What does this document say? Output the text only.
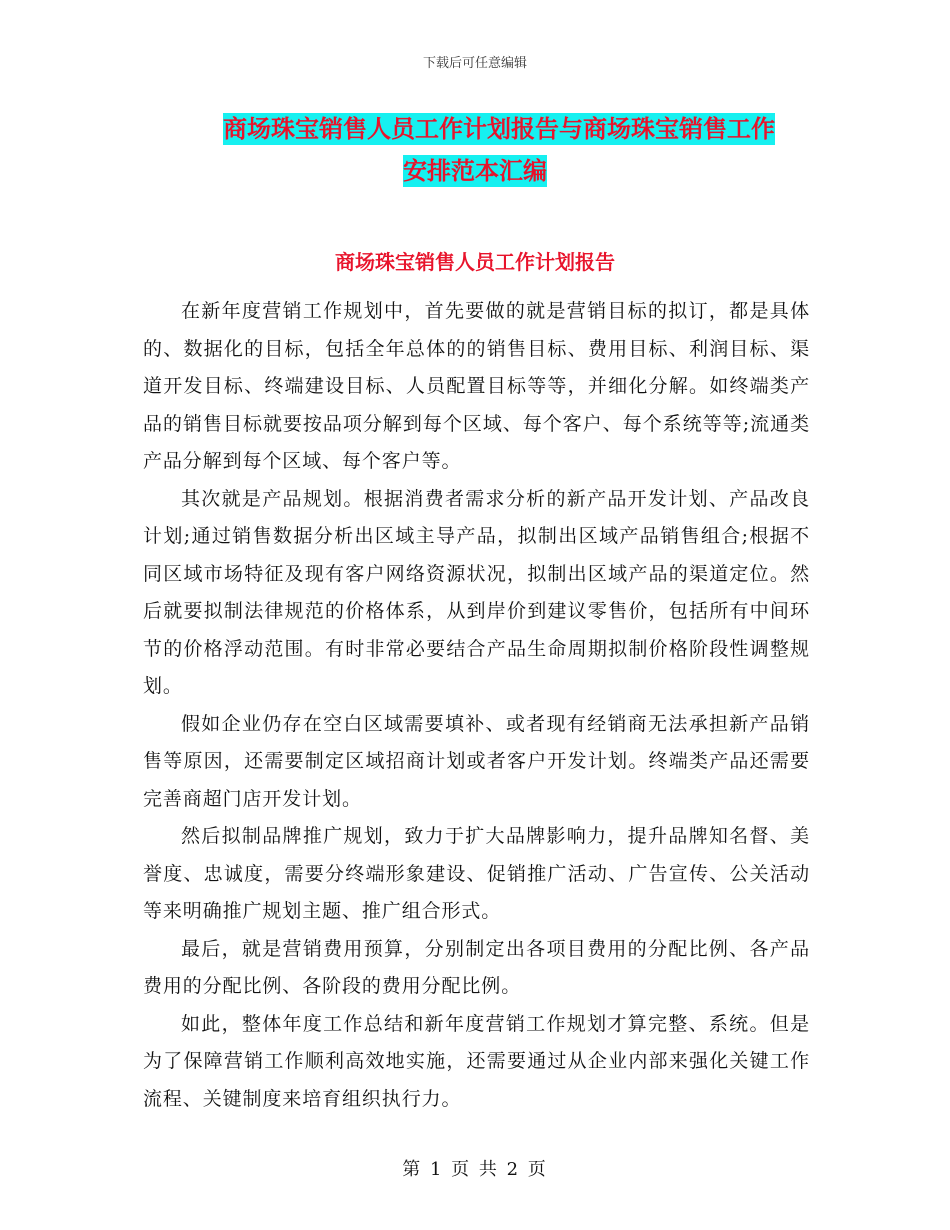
下载后可任意编辑
商场珠宝销售人员工作计划报告与商场珠宝销售工作
安排范本汇编
商场珠宝销售人员工作计划报告

在新年度营销工作规划中，首先要做的就是营销目标的拟订，都是具体的、数据化的目标，包括全年总体的的销售目标、费用目标、利润目标、渠道开发目标、终端建设目标、人员配置目标等等，并细化分解。如终端类产品的销售目标就要按品项分解到每个区域、每个客户、每个系统等等;流通类产品分解到每个区域、每个客户等。

其次就是产品规划。根据消费者需求分析的新产品开发计划、产品改良计划;通过销售数据分析出区域主导产品，拟制出区域产品销售组合;根据不同区域市场特征及现有客户网络资源状况，拟制出区域产品的渠道定位。然后就要拟制法律规范的价格体系，从到岸价到建议零售价，包括所有中间环节的价格浮动范围。有时非常必要结合产品生命周期拟制价格阶段性调整规划。

假如企业仍存在空白区域需要填补、或者现有经销商无法承担新产品销售等原因，还需要制定区域招商计划或者客户开发计划。终端类产品还需要完善商超门店开发计划。

然后拟制品牌推广规划，致力于扩大品牌影响力，提升品牌知名督、美誉度、忠诚度，需要分终端形象建设、促销推广活动、广告宣传、公关活动等来明确推广规划主题、推广组合形式。

最后，就是营销费用预算，分别制定出各项目费用的分配比例、各产品费用的分配比例、各阶段的费用分配比例。

如此，整体年度工作总结和新年度营销工作规划才算完整、系统。但是为了保障营销工作顺利高效地实施，还需要通过从企业内部来强化关键工作流程、关键制度来培育组织执行力。

第 1 页 共 2 页
